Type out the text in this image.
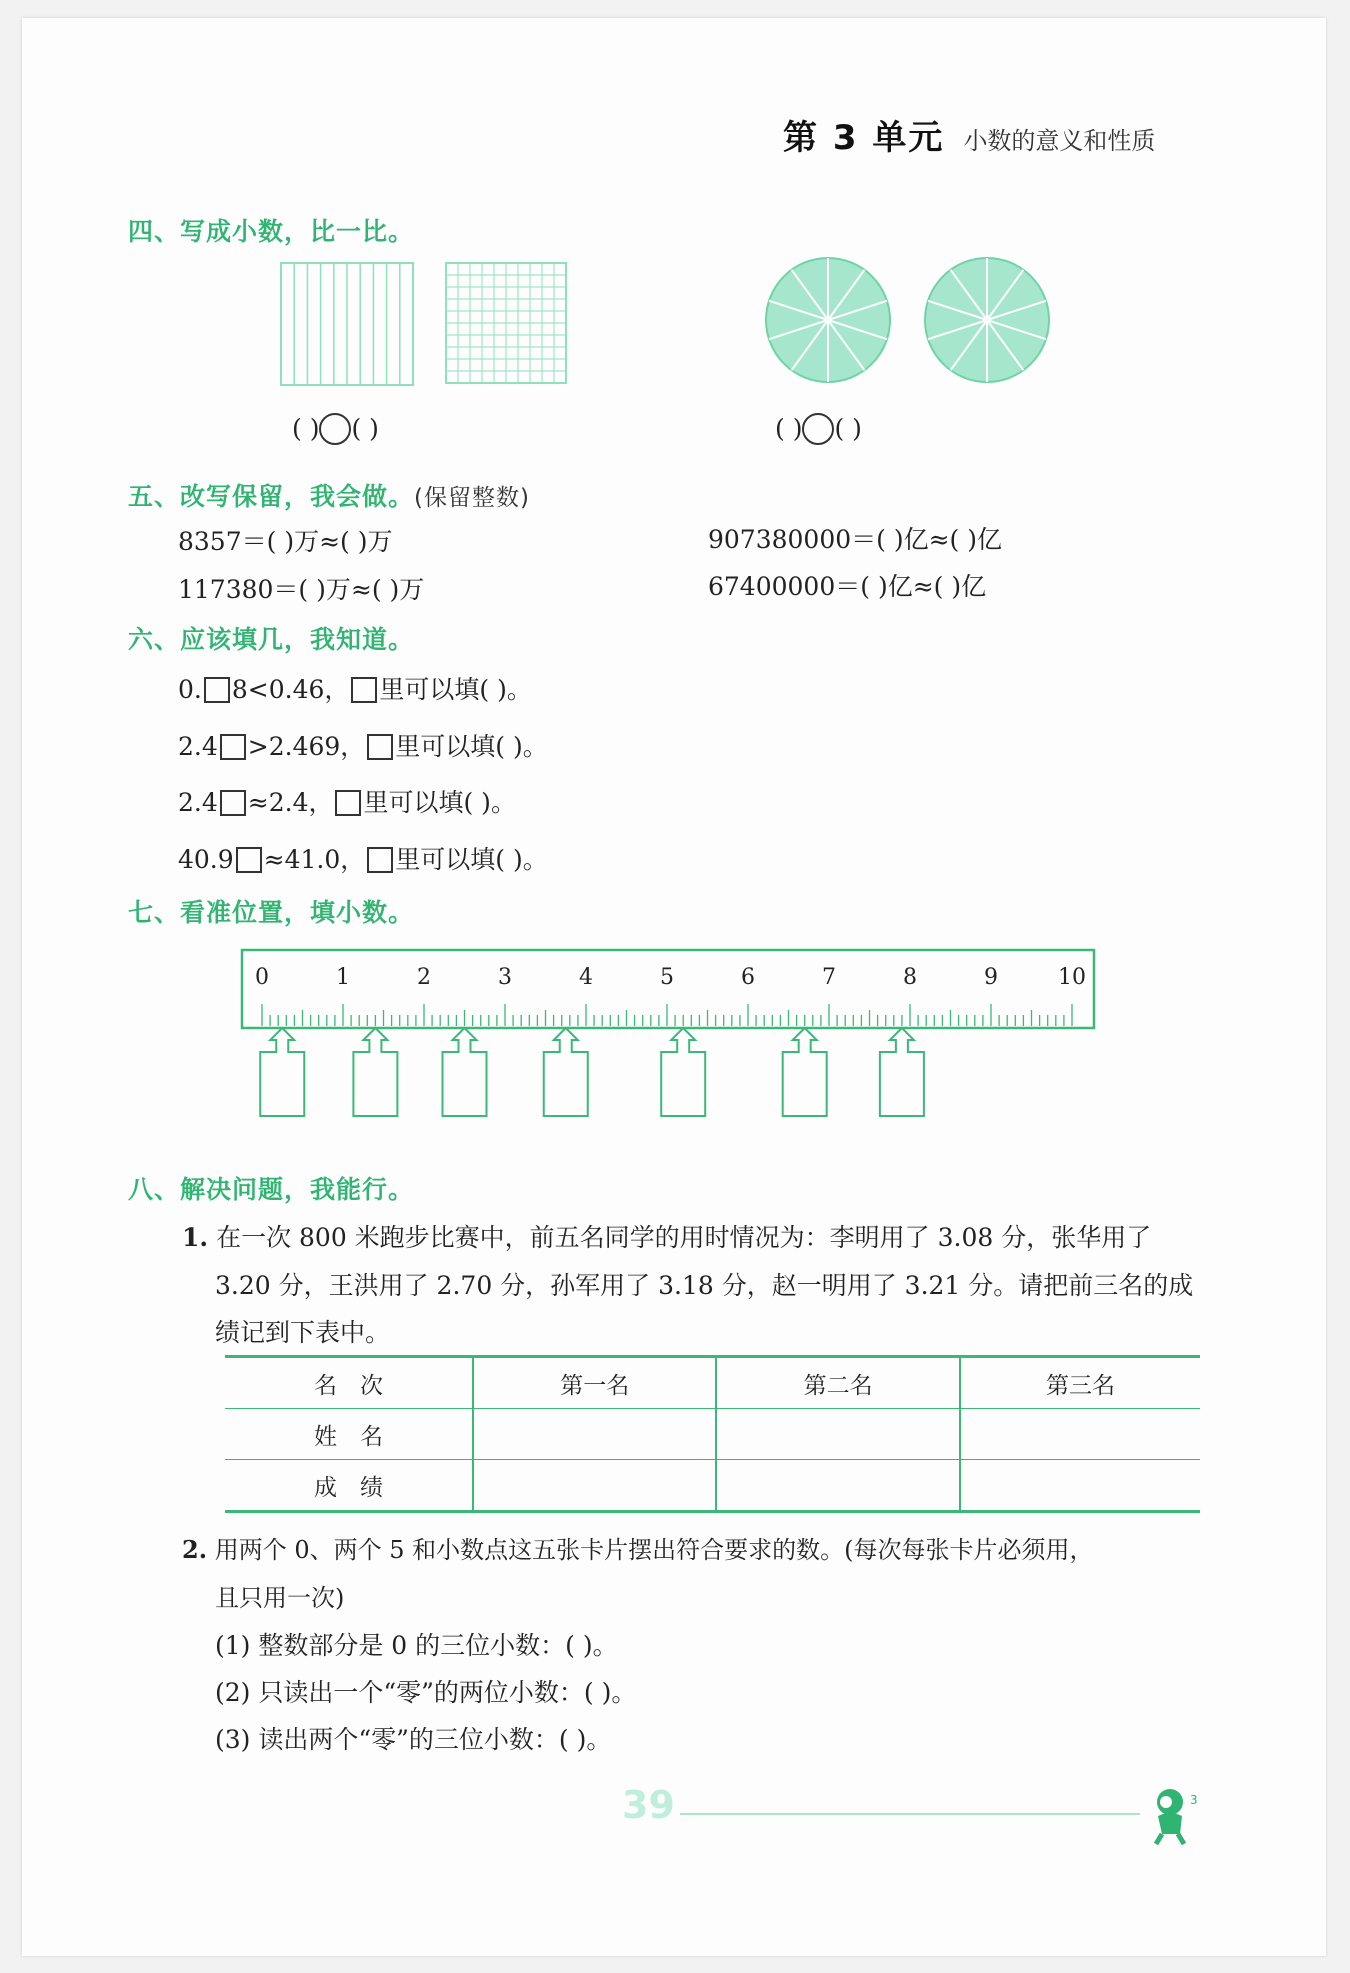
第 3 单元 小数的意义和性质
四、写成小数，比一比。
( ) ( )	( ) ( )
五、改写保留，我会做。(保留整数)
8357＝( )万≈( )万	907380000＝( )亿≈( )亿
117380＝( )万≈( )万	67400000＝( )亿≈( )亿
六、应该填几，我知道。
0. 8<0.46， 里可以填( )。
2.4 >2.469， 里可以填( )。
2.4 ≈2.4， 里可以填( )。
40.9 ≈41.0， 里可以填( )。
七、看准位置，填小数。
0	1	2	3	4	5	6	7	8	9	10
八、解决问题，我能行。
1. 在一次 800 米跑步比赛中，前五名同学的用时情况为：李明用了 3.08 分，张华用了
3.20 分，王洪用了 2.70 分，孙军用了 3.18 分，赵一明用了 3.21 分。请把前三名的成
绩记到下表中。
名　次	第一名	第二名	第三名
姓　名			
成　绩			
2. 用两个 0、两个 5 和小数点这五张卡片摆出符合要求的数。(每次每张卡片必须用，
且只用一次)
(1) 整数部分是 0 的三位小数：( )。
(2) 只读出一个“零”的两位小数：( )。
(3) 读出两个“零”的三位小数：( )。
39	3
